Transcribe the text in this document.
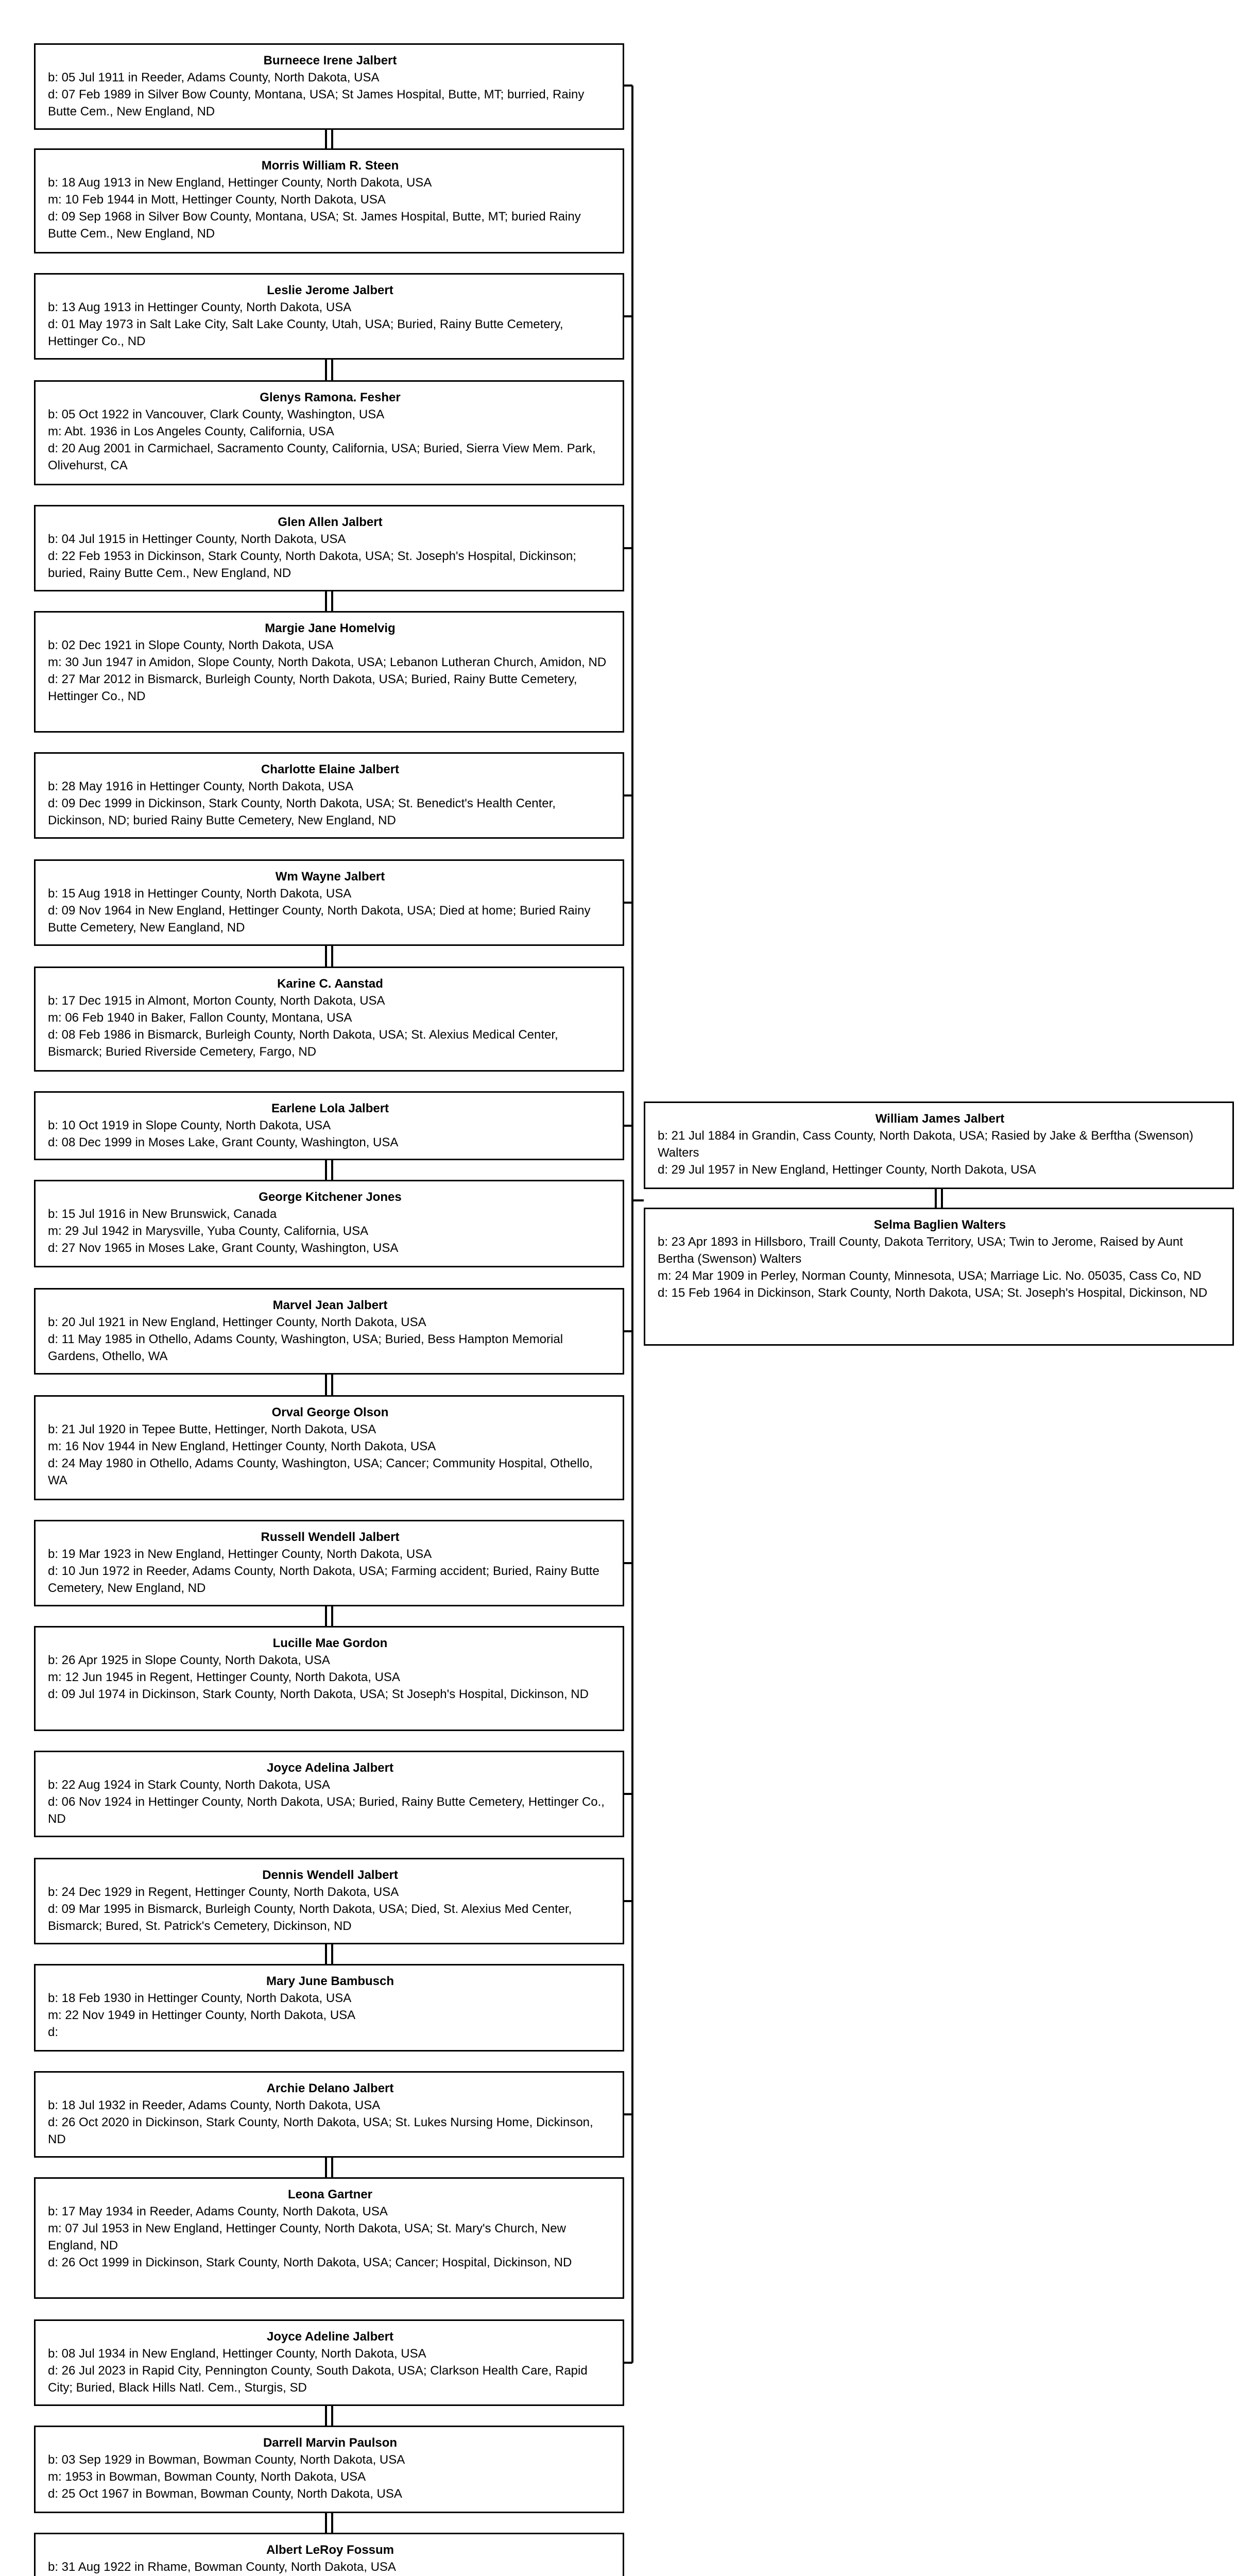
William James Jalbert
b: 21 Jul 1884 in Grandin, Cass County, North Dakota, USA; Rasied by Jake & Berftha (Swenson) Walters
d: 29 Jul 1957 in New England, Hettinger County, North Dakota, USA
Selma Baglien Walters
b: 23 Apr 1893 in Hillsboro, Traill County, Dakota Territory, USA; Twin to Jerome, Raised by Aunt Bertha (Swenson) Walters
m: 24 Mar 1909 in Perley, Norman County, Minnesota, USA; Marriage Lic. No. 05035, Cass Co, ND
d: 15 Feb 1964 in Dickinson, Stark County, North Dakota, USA; St. Joseph's Hospital, Dickinson, ND
Burneece Irene Jalbert
b: 05 Jul 1911 in Reeder, Adams County, North Dakota, USA
d: 07 Feb 1989 in Silver Bow County, Montana, USA; St James Hospital, Butte, MT; burried, Rainy Butte Cem., New England, ND
Morris William R. Steen
b: 18 Aug 1913 in New England, Hettinger County, North Dakota, USA
m: 10 Feb 1944 in Mott, Hettinger County, North Dakota, USA
d: 09 Sep 1968 in Silver Bow County, Montana, USA; St. James Hospital, Butte, MT; buried Rainy Butte Cem., New England, ND
Leslie Jerome Jalbert
b: 13 Aug 1913 in Hettinger County, North Dakota, USA
d: 01 May 1973 in Salt Lake City, Salt Lake County, Utah, USA; Buried, Rainy Butte Cemetery, Hettinger Co., ND
Glenys Ramona. Fesher
b: 05 Oct 1922 in Vancouver, Clark County, Washington, USA
m: Abt. 1936 in Los Angeles County, California, USA
d: 20 Aug 2001 in Carmichael, Sacramento County, California, USA; Buried, Sierra View Mem. Park, Olivehurst, CA
Glen Allen Jalbert
b: 04 Jul 1915 in Hettinger County, North Dakota, USA
d: 22 Feb 1953 in Dickinson, Stark County, North Dakota, USA; St. Joseph's Hospital, Dickinson; buried, Rainy Butte Cem., New England, ND
Margie Jane Homelvig
b: 02 Dec 1921 in Slope County, North Dakota, USA
m: 30 Jun 1947 in Amidon, Slope County, North Dakota, USA; Lebanon Lutheran Church, Amidon, ND
d: 27 Mar 2012 in Bismarck, Burleigh County, North Dakota, USA; Buried, Rainy Butte Cemetery, Hettinger Co., ND
Charlotte Elaine Jalbert
b: 28 May 1916 in Hettinger County, North Dakota, USA
d: 09 Dec 1999 in Dickinson, Stark County, North Dakota, USA; St. Benedict's Health Center, Dickinson, ND; buried Rainy Butte Cemetery, New England, ND
Wm Wayne Jalbert
b: 15 Aug 1918 in Hettinger County, North Dakota, USA
d: 09 Nov 1964 in New England, Hettinger County, North Dakota, USA; Died at home; Buried Rainy Butte Cemetery, New Eangland, ND
Karine C. Aanstad
b: 17 Dec 1915 in Almont, Morton County, North Dakota, USA
m: 06 Feb 1940 in Baker, Fallon County, Montana, USA
d: 08 Feb 1986 in Bismarck, Burleigh County, North Dakota, USA; St. Alexius Medical Center, Bismarck; Buried Riverside Cemetery, Fargo, ND
Earlene Lola Jalbert
b: 10 Oct 1919 in Slope County, North Dakota, USA
d: 08 Dec 1999 in Moses Lake, Grant County, Washington, USA
George Kitchener Jones
b: 15 Jul 1916 in New Brunswick, Canada
m: 29 Jul 1942 in Marysville, Yuba County, California, USA
d: 27 Nov 1965 in Moses Lake, Grant County, Washington, USA
Marvel Jean Jalbert
b: 20 Jul 1921 in New England, Hettinger County, North Dakota, USA
d: 11 May 1985 in Othello, Adams County, Washington, USA; Buried, Bess Hampton Memorial Gardens, Othello, WA
Orval George Olson
b: 21 Jul 1920 in Tepee Butte, Hettinger, North Dakota, USA
m: 16 Nov 1944 in New England, Hettinger County, North Dakota, USA
d: 24 May 1980 in Othello, Adams County, Washington, USA; Cancer; Community Hospital, Othello, WA
Russell Wendell Jalbert
b: 19 Mar 1923 in New England, Hettinger County, North Dakota, USA
d: 10 Jun 1972 in Reeder, Adams County, North Dakota, USA; Farming accident; Buried, Rainy Butte Cemetery, New England, ND
Lucille Mae Gordon
b: 26 Apr 1925 in Slope County, North Dakota, USA
m: 12 Jun 1945 in Regent, Hettinger County, North Dakota, USA
d: 09 Jul 1974 in Dickinson, Stark County, North Dakota, USA; St Joseph's Hospital, Dickinson, ND
Joyce Adelina Jalbert
b: 22 Aug 1924 in Stark County, North Dakota, USA
d: 06 Nov 1924 in Hettinger County, North Dakota, USA; Buried, Rainy Butte Cemetery, Hettinger Co., ND
Dennis Wendell Jalbert
b: 24 Dec 1929 in Regent, Hettinger County, North Dakota, USA
d: 09 Mar 1995 in Bismarck, Burleigh County, North Dakota, USA; Died, St. Alexius Med Center, Bismarck; Bured, St. Patrick's Cemetery, Dickinson, ND
Mary June Bambusch
b: 18 Feb 1930 in Hettinger County, North Dakota, USA
m: 22 Nov 1949 in Hettinger County, North Dakota, USA
d:
Archie Delano Jalbert
b: 18 Jul 1932 in Reeder, Adams County, North Dakota, USA
d: 26 Oct 2020 in Dickinson, Stark County, North Dakota, USA; St. Lukes Nursing Home, Dickinson, ND
Leona Gartner
b: 17 May 1934 in Reeder, Adams County, North Dakota, USA
m: 07 Jul 1953 in New England, Hettinger County, North Dakota, USA; St. Mary's Church, New England, ND
d: 26 Oct 1999 in Dickinson, Stark County, North Dakota, USA; Cancer; Hospital, Dickinson, ND
Joyce Adeline Jalbert
b: 08 Jul 1934 in New England, Hettinger County, North Dakota, USA
d: 26 Jul 2023 in Rapid City, Pennington County, South Dakota, USA; Clarkson Health Care, Rapid City; Buried, Black Hills Natl. Cem., Sturgis, SD
Darrell Marvin Paulson
b: 03 Sep 1929 in Bowman, Bowman County, North Dakota, USA
m: 1953 in Bowman, Bowman County, North Dakota, USA
d: 25 Oct 1967 in Bowman, Bowman County, North Dakota, USA
Albert LeRoy Fossum
b: 31 Aug 1922 in Rhame, Bowman County, North Dakota, USA
